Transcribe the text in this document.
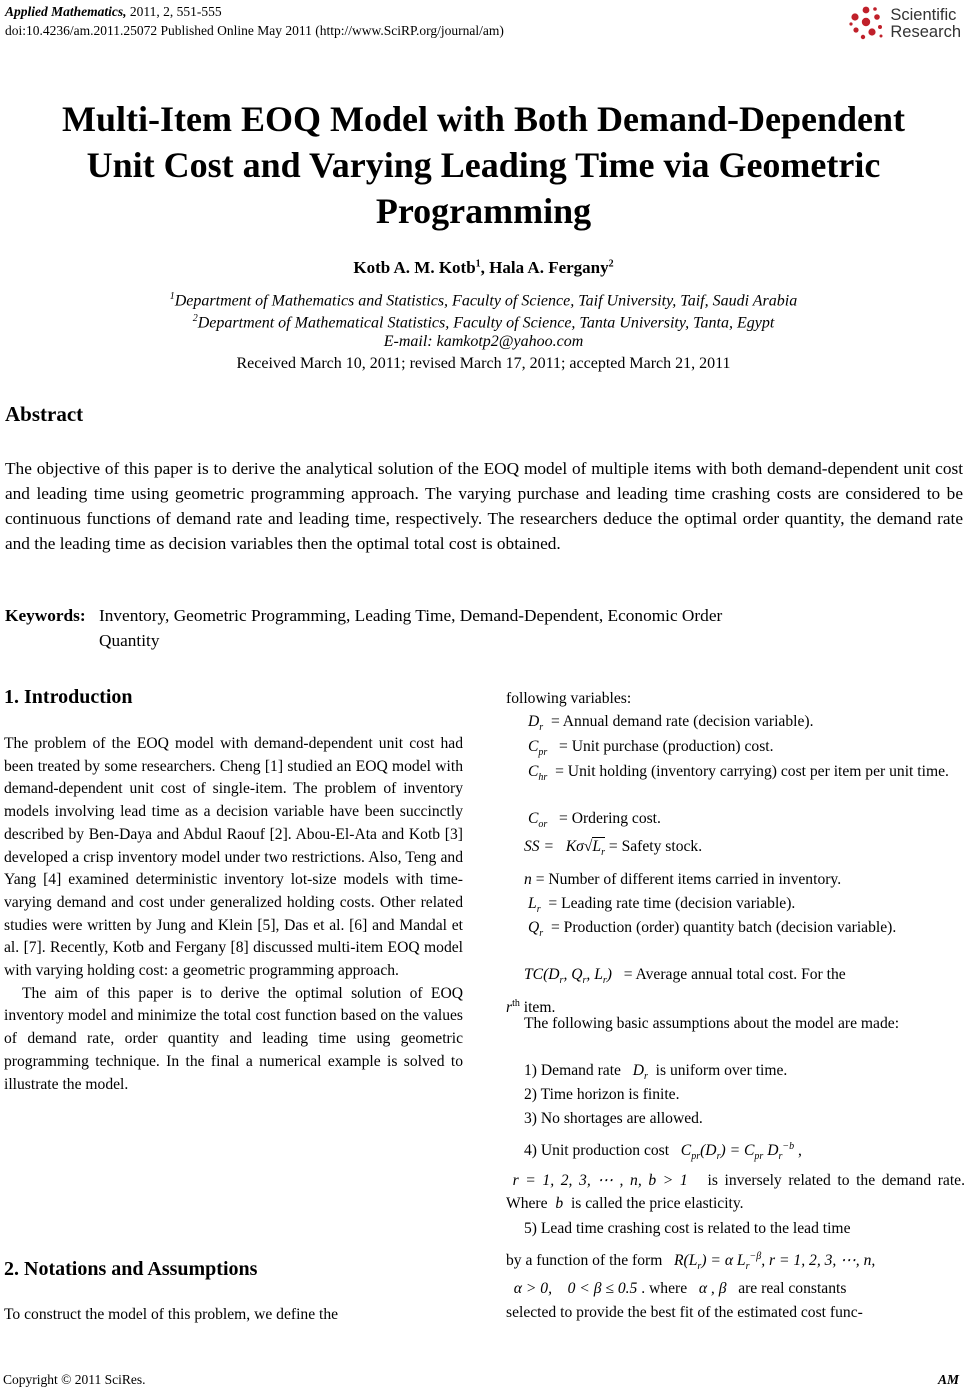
Applied Mathematics, 2011, 2, 551-555
doi:10.4236/am.2011.25072 Published Online May 2011 (http://www.SciRP.org/journal/am)
Scientific
Research
Multi-Item EOQ Model with Both Demand-Dependent
Unit Cost and Varying Leading Time via Geometric
Programming
Kotb A. M. Kotb$^1$, Hala A. Fergany$^2$
$^1$Department of Mathematics and Statistics, Faculty of Science, Taif University, Taif, Saudi Arabia
$^2$Department of Mathematical Statistics, Faculty of Science, Tanta University, Tanta, Egypt
E-mail: kamkotp2@yahoo.com
Received March 10, 2011; revised March 17, 2011; accepted March 21, 2011
Abstract
The objective of this paper is to derive the analytical solution of the EOQ model of multiple items with both demand-dependent unit cost and leading time using geometric programming approach. The varying purchase and leading time crashing costs are considered to be continuous functions of demand rate and leading time, respectively. The researchers deduce the optimal order quantity, the demand rate and the leading time as decision variables then the optimal total cost is obtained.
Keywords: Inventory, Geometric Programming, Leading Time, Demand-Dependent, Economic Order
Quantity
1. Introduction

The problem of the EOQ model with demand-dependent unit cost had been treated by some researchers. Cheng [1] studied an EOQ model with demand-dependent unit cost of single-item. The problem of inventory models involving lead time as a decision variable have been succinctly described by Ben-Daya and Abdul Raouf [2]. Abou-El-Ata and Kotb [3] developed a crisp inventory model under two restrictions. Also, Teng and Yang [4] examined deterministic inventory lot-size models with time-varying demand and cost under generalized holding costs. Other related studies were written by Jung and Klein [5], Das et al. [6] and Mandal et al. [7]. Recently, Kotb and Fergany [8] discussed multi-item EOQ model with varying holding cost: a geometric programming approach.

The aim of this paper is to derive the optimal solution of EOQ inventory model and minimize the total cost function based on the values of demand rate, order quantity and leading time using geometric programming technique. In the final a numerical example is solved to illustrate the model.

2. Notations and Assumptions
To construct the model of this problem, we define the
following variables:
$D_r$ = Annual demand rate (decision variable).
$C_{pr}$ = Unit purchase (production) cost.

$C_{hr}$ = Unit holding (inventory carrying) cost per item per unit time.

$C_{or}$ = Ordering cost.
SS = $K\sigma√L_r$ = Safety stock.
n = Number of different items carried in inventory.
$L_r$ = Leading rate time (decision variable).

$Q_r$ = Production (order) quantity batch (decision variable).

$TC(D_r$, $Q_r$, $L_r$) = Average annual total cost. For the

$r^{th}$ item.

The following basic assumptions about the model are made:

1) Demand rate $D_r$ is uniform over time.
2) Time horizon is finite.
3) No shortages are allowed.
4) Unit production cost $C_{pr}(D_r) = C_{pr}$ $D_r^{-b}$ ,

r = 1, 2, 3, ⋯ , n, b > 1 is inversely related to the demand rate. Where b is called the price elasticity.

5) Lead time crashing cost is related to the lead time
by a function of the form $R(L_r) = \alpha$ $L_r^{-\beta}$, r = 1, 2, 3, ⋯, n,
α > 0,    0 < β ≤ 0.5 . where α , β are real constants
selected to provide the best fit of the estimated cost func-
Copyright © 2011 SciRes.	AM
